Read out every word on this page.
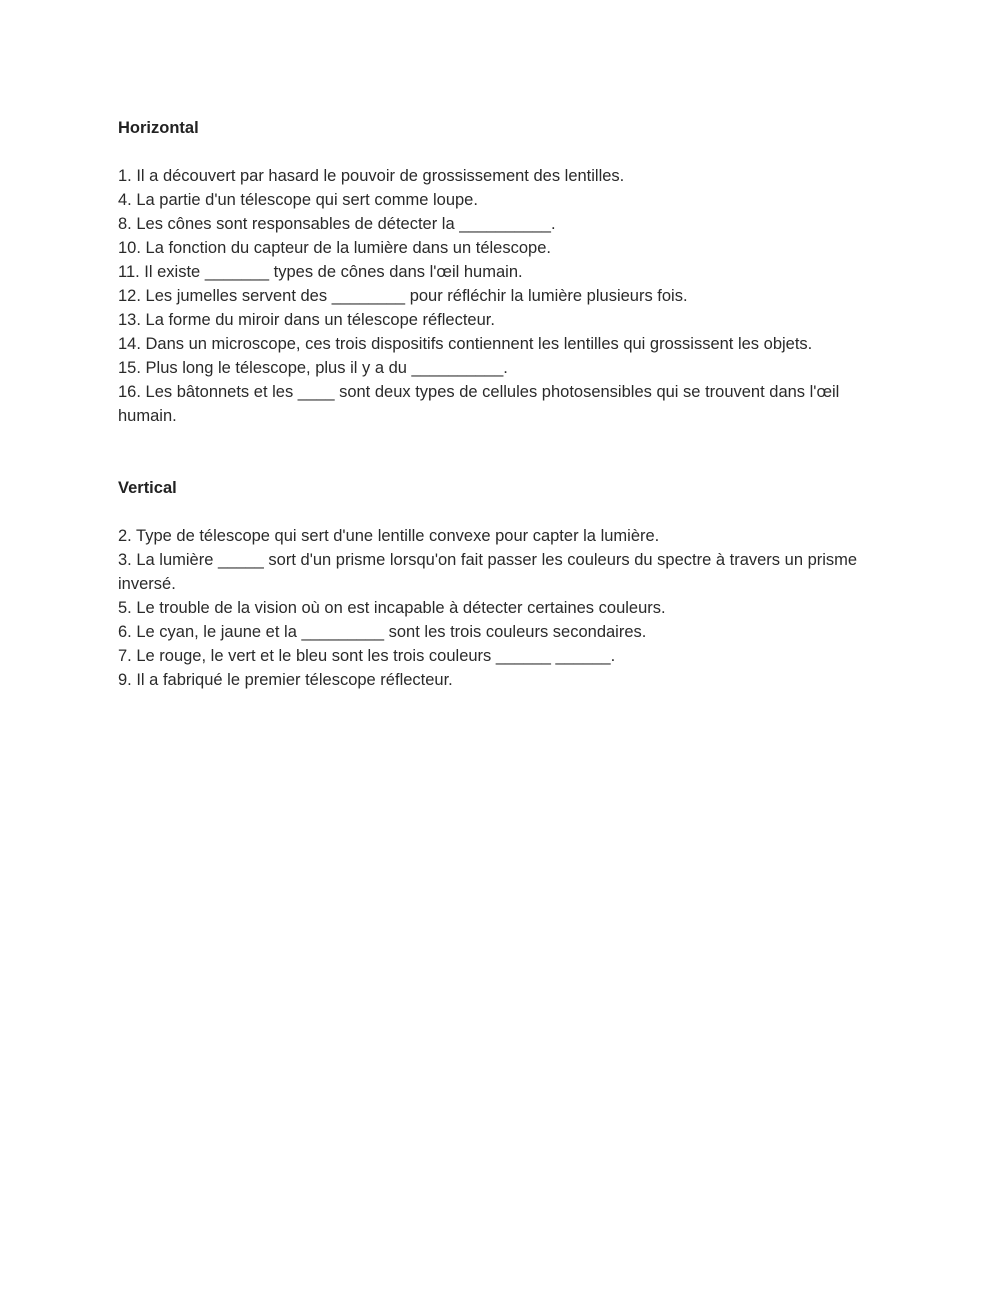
Horizontal

1. Il a découvert par hasard le pouvoir de grossissement des lentilles.
4. La partie d'un télescope qui sert comme loupe.
8. Les cônes sont responsables de détecter la __________.
10. La fonction du capteur de la lumière dans un télescope.
11. Il existe _______ types de cônes dans l'œil humain.
12. Les jumelles servent des ________ pour réfléchir la lumière plusieurs fois.
13. La forme du miroir dans un télescope réflecteur.
14. Dans un microscope, ces trois dispositifs contiennent les lentilles qui grossissent les objets.
15. Plus long le télescope, plus il y a du __________.
16. Les bâtonnets et les ____ sont deux types de cellules photosensibles qui se trouvent dans l'œil humain.

Vertical

2. Type de télescope qui sert d'une lentille convexe pour capter la lumière.
3. La lumière _____ sort d'un prisme lorsqu'on fait passer les couleurs du spectre à travers un prisme inversé.
5. Le trouble de la vision où on est incapable à détecter certaines couleurs.
6. Le cyan, le jaune et la _________ sont les trois couleurs secondaires.
7. Le rouge, le vert et le bleu sont les trois couleurs ______ ______.
9. Il a fabriqué le premier télescope réflecteur.
